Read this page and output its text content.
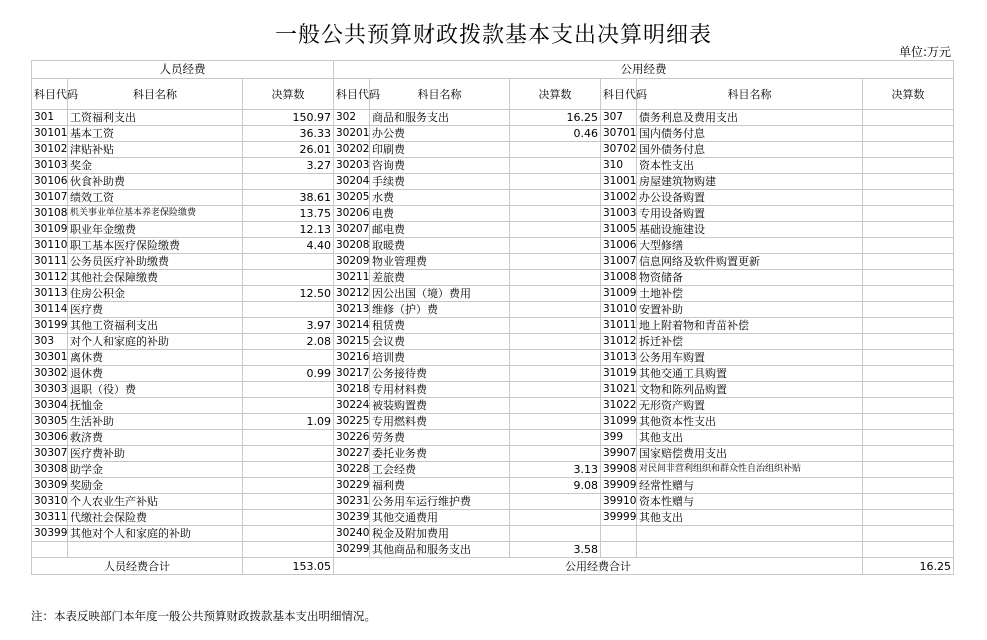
一般公共预算财政拨款基本支出决算明细表
单位:万元
人员经费			公用经费					
科目代码	科目名称	决算数	科目代码	科目名称	决算数	科目代码	科目名称	决算数
301	工资福利支出	150.97	302	商品和服务支出	16.25	307	债务利息及费用支出	
30101	基本工资	36.33	30201	办公费	0.46	30701	国内债务付息	
30102	津贴补贴	26.01	30202	印刷费		30702	国外债务付息	
30103	奖金	3.27	30203	咨询费		310	资本性支出	
30106	伙食补助费		30204	手续费		31001	房屋建筑物购建	
30107	绩效工资	38.61	30205	水费		31002	办公设备购置	
30108	机关事业单位基本养老保险缴费	13.75	30206	电费		31003	专用设备购置	
30109	职业年金缴费	12.13	30207	邮电费		31005	基础设施建设	
30110	职工基本医疗保险缴费	4.40	30208	取暖费		31006	大型修缮	
30111	公务员医疗补助缴费		30209	物业管理费		31007	信息网络及软件购置更新	
30112	其他社会保障缴费		30211	差旅费		31008	物资储备	
30113	住房公积金	12.50	30212	因公出国（境）费用		31009	土地补偿	
30114	医疗费		30213	维修（护）费		31010	安置补助	
30199	其他工资福利支出	3.97	30214	租赁费		31011	地上附着物和青苗补偿	
303	对个人和家庭的补助	2.08	30215	会议费		31012	拆迁补偿	
30301	离休费		30216	培训费		31013	公务用车购置	
30302	退休费	0.99	30217	公务接待费		31019	其他交通工具购置	
30303	退职（役）费		30218	专用材料费		31021	文物和陈列品购置	
30304	抚恤金		30224	被装购置费		31022	无形资产购置	
30305	生活补助	1.09	30225	专用燃料费		31099	其他资本性支出	
30306	救济费		30226	劳务费		399	其他支出	
30307	医疗费补助		30227	委托业务费		39907	国家赔偿费用支出	
30308	助学金		30228	工会经费	3.13	39908	对民间非营利组织和群众性自治组织补贴	
30309	奖励金		30229	福利费	9.08	39909	经常性赠与	
30310	个人农业生产补贴		30231	公务用车运行维护费		39910	资本性赠与	
30311	代缴社会保险费		30239	其他交通费用		39999	其他支出	
30399	其他对个人和家庭的补助		30240	税金及附加费用				
			30299	其他商品和服务支出	3.58			
人员经费合计		153.05	公用经费合计					16.25
注：本表反映部门本年度一般公共预算财政拨款基本支出明细情况。
